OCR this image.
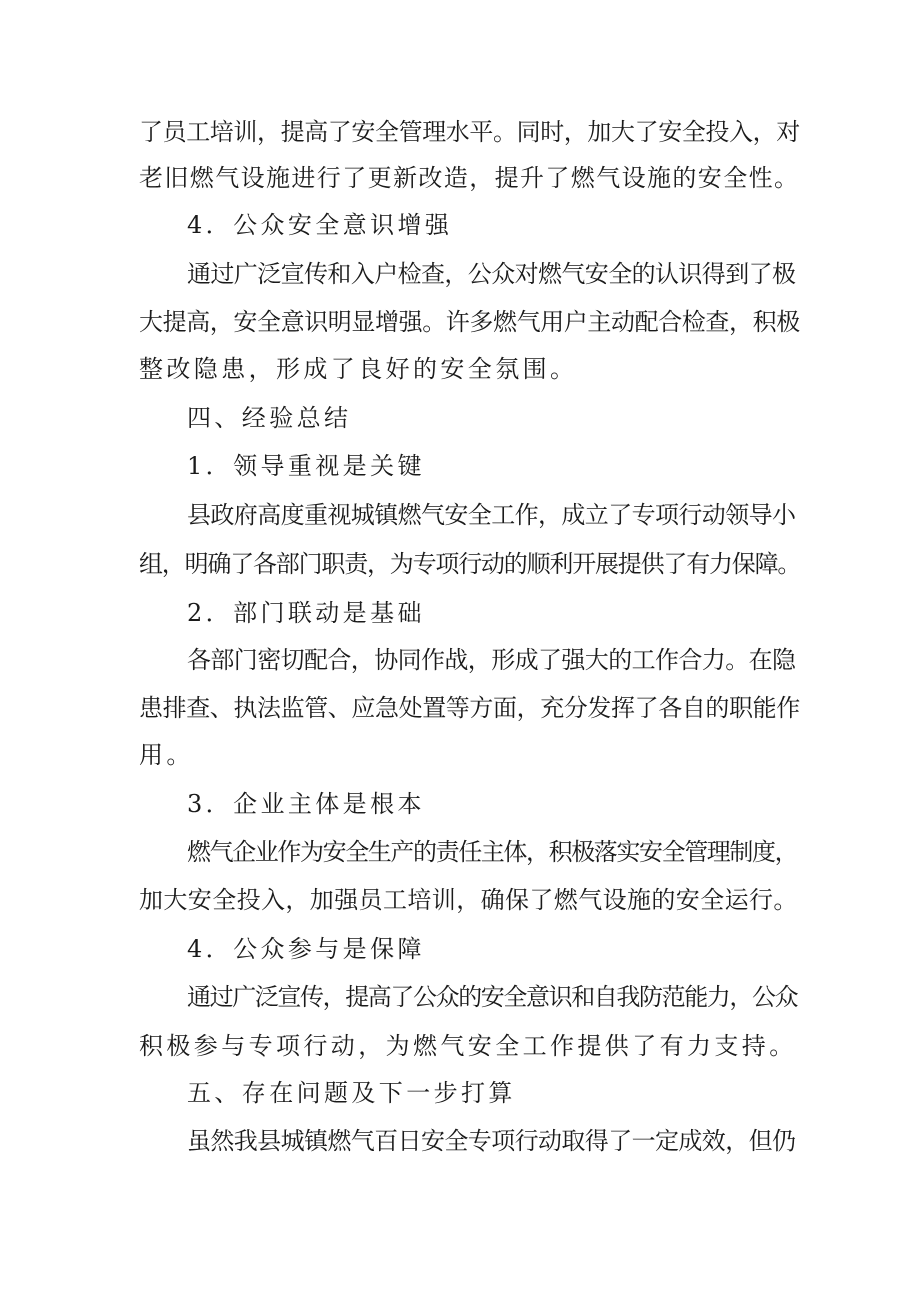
了员工培训，提高了安全管理水平。同时，加大了安全投入，对
老旧燃气设施进行了更新改造，提升了燃气设施的安全性。
4．公众安全意识增强
通过广泛宣传和入户检查，公众对燃气安全的认识得到了极
大提高，安全意识明显增强。许多燃气用户主动配合检查，积极
整改隐患，形成了良好的安全氛围。
四、经验总结
1．领导重视是关键
县政府高度重视城镇燃气安全工作，成立了专项行动领导小
组，明确了各部门职责，为专项行动的顺利开展提供了有力保障。
2．部门联动是基础
各部门密切配合，协同作战，形成了强大的工作合力。在隐
患排查、执法监管、应急处置等方面，充分发挥了各自的职能作
用。
3．企业主体是根本
燃气企业作为安全生产的责任主体，积极落实安全管理制度，
加大安全投入，加强员工培训，确保了燃气设施的安全运行。
4．公众参与是保障
通过广泛宣传，提高了公众的安全意识和自我防范能力，公众
积极参与专项行动，为燃气安全工作提供了有力支持。
五、存在问题及下一步打算
虽然我县城镇燃气百日安全专项行动取得了一定成效，但仍
